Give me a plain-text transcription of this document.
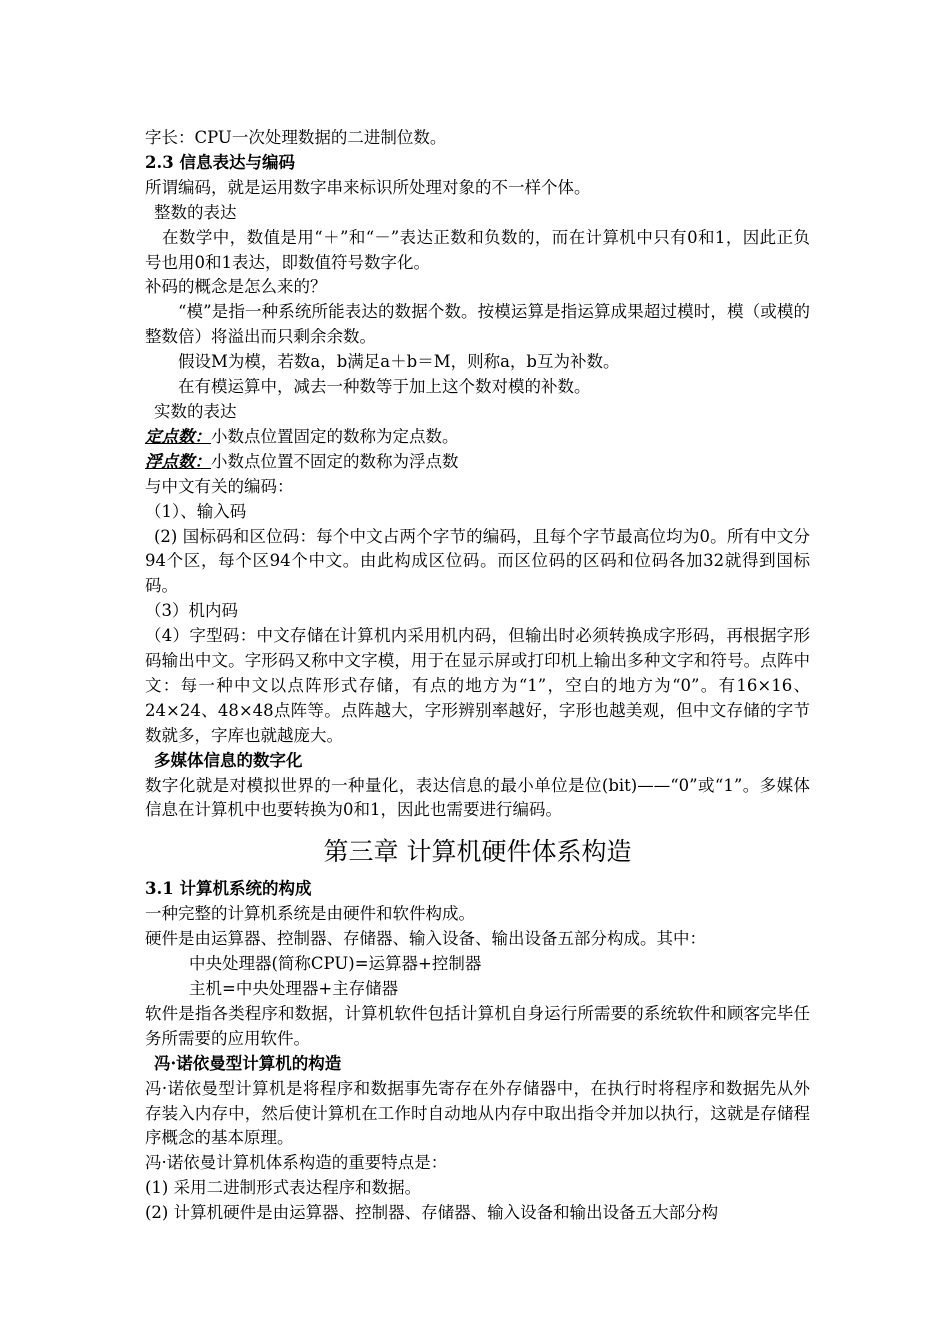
字长：CPU一次处理数据的二进制位数。

2.3 信息表达与编码

所谓编码，就是运用数字串来标识所处理对象的不一样个体。

整数的表达

在数学中，数值是用“＋”和“－”表达正数和负数的，而在计算机中只有0和1，因此正负号也用0和1表达，即数值符号数字化。

补码的概念是怎么来的？

“模”是指一种系统所能表达的数据个数。按模运算是指运算成果超过模时，模（或模的整数倍）将溢出而只剩余余数。

假设M为模，若数a，b满足a＋b＝M，则称a，b互为补数。

在有模运算中，减去一种数等于加上这个数对模的补数。

实数的表达

定点数：小数点位置固定的数称为定点数。

浮点数：小数点位置不固定的数称为浮点数

与中文有关的编码：

（1）、输入码

(2) 国标码和区位码：每个中文占两个字节的编码，且每个字节最高位均为0。所有中文分94个区，每个区94个中文。由此构成区位码。而区位码的区码和位码各加32就得到国标码。

（3）机内码

（4）字型码：中文存储在计算机内采用机内码，但输出时必须转换成字形码，再根据字形码输出中文。字形码又称中文字模，用于在显示屏或打印机上输出多种文字和符号。点阵中文：每一种中文以点阵形式存储，有点的地方为“1”，空白的地方为“0”。有16×16、24×24、48×48点阵等。点阵越大，字形辨别率越好，字形也越美观，但中文存储的字节数就多，字库也就越庞大。

多媒体信息的数字化

数字化就是对模拟世界的一种量化，表达信息的最小单位是位(bit)——“0”或“1”。多媒体信息在计算机中也要转换为0和1，因此也需要进行编码。

第三章 计算机硬件体系构造

3.1 计算机系统的构成

一种完整的计算机系统是由硬件和软件构成。

硬件是由运算器、控制器、存储器、输入设备、输出设备五部分构成。其中：

中央处理器(简称CPU)=运算器+控制器

主机=中央处理器+主存储器

软件是指各类程序和数据，计算机软件包括计算机自身运行所需要的系统软件和顾客完毕任务所需要的应用软件。

冯·诺依曼型计算机的构造

冯·诺依曼型计算机是将程序和数据事先寄存在外存储器中，在执行时将程序和数据先从外存装入内存中，然后使计算机在工作时自动地从内存中取出指令并加以执行，这就是存储程序概念的基本原理。

冯·诺依曼计算机体系构造的重要特点是：

(1) 采用二进制形式表达程序和数据。

(2) 计算机硬件是由运算器、控制器、存储器、输入设备和输出设备五大部分构
